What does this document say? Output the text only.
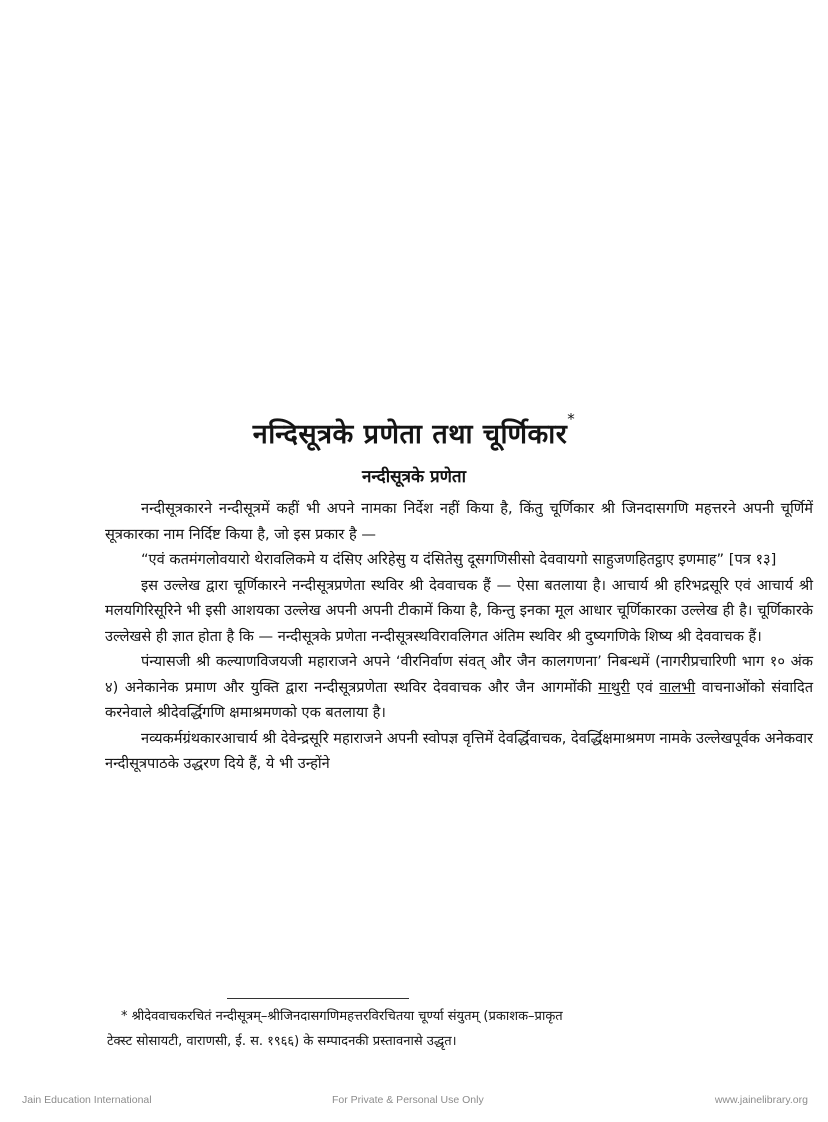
नन्दिसूत्रके प्रणेता तथा चूर्णिकार*
नन्दीसूत्रके प्रणेता

नन्दीसूत्रकारने नन्दीसूत्रमें कहीं भी अपने नामका निर्देश नहीं किया है, किंतु चूर्णिकार श्री जिनदासगणि महत्तरने अपनी चूर्णिमें सूत्रकारका नाम निर्दिष्ट किया है, जो इस प्रकार है —

“एवं कतमंगलोवयारो थेरावलिकमे य दंसिए अरिहेसु य दंसितेसु दूसगणिसीसो देववायगो साहुजणहितट्ठाए इणमाह” [पत्र १३]

इस उल्लेख द्वारा चूर्णिकारने नन्दीसूत्रप्रणेता स्थविर श्री देववाचक हैं — ऐसा बतलाया है। आचार्य श्री हरिभद्रसूरि एवं आचार्य श्री मलयगिरिसूरिने भी इसी आशयका उल्लेख अपनी अपनी टीकामें किया है, किन्तु इनका मूल आधार चूर्णिकारका उल्लेख ही है। चूर्णिकारके उल्लेखसे ही ज्ञात होता है कि — नन्दीसूत्रके प्रणेता नन्दीसूत्रस्थविरावलिगत अंतिम स्थविर श्री दुष्यगणिके शिष्य श्री देववाचक हैं।

पंन्यासजी श्री कल्याणविजयजी महाराजने अपने ‘वीरनिर्वाण संवत् और जैन कालगणना’ निबन्धमें (नागरीप्रचारिणी भाग १० अंक ४) अनेकानेक प्रमाण और युक्ति द्वारा नन्दीसूत्रप्रणेता स्थविर देववाचक और जैन आगमोंकी माथुरी एवं वालभी वाचनाओंको संवादित करनेवाले श्रीदेवर्द्धिगणि क्षमाश्रमणको एक बतलाया है।

नव्यकर्मग्रंथकारआचार्य श्री देवेन्द्रसूरि महाराजने अपनी स्वोपज्ञ वृत्तिमें देवर्द्धिवाचक, देवर्द्धिक्षमाश्रमण नामके उल्लेखपूर्वक अनेकवार नन्दीसूत्रपाठके उद्धरण दिये हैं, ये भी उन्होंने

* श्रीदेववाचकरचितं नन्दीसूत्रम्–श्रीजिनदासगणिमहत्तरविरचितया चूर्ण्या संयुतम् (प्रकाशक–प्राकृत

टेक्स्ट सोसायटी, वाराणसी, ई. स. १९६६) के सम्पादनकी प्रस्तावनासे उद्धृत।

Jain Education International	For Private & Personal Use Only	www.jainelibrary.org
